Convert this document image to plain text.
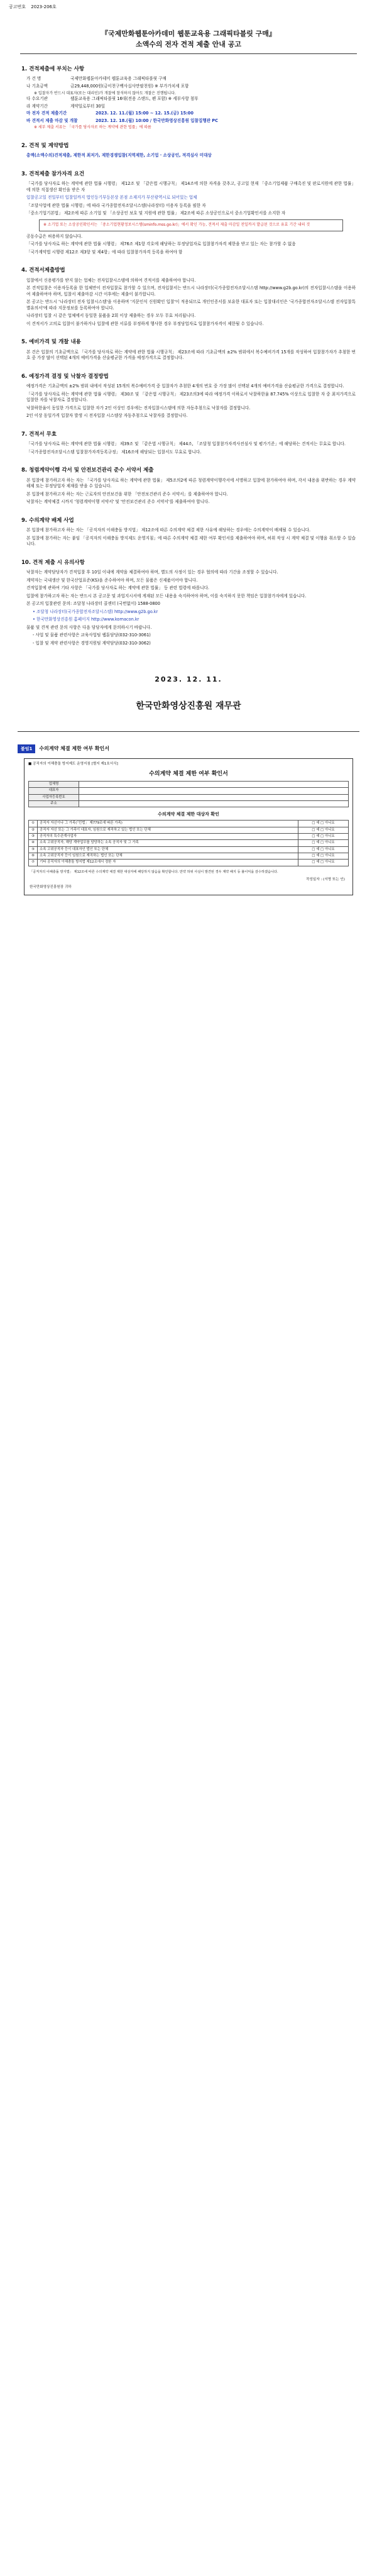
공고번호 2023-206호
『국제만화웹툰아카데미 웹툰교육용 그래픽타블릿 구매』
소액수의 전자 견적 제출 안내 공고
1. 견적제출에 부치는 사항
가 건 명	국제만화웹툰아카데미 웹툰교육용 그래픽타블릿 구매
나 기초금액	금29,448,000원(금이천구백사십사만팔천원) ※ 부가가치세 포함
※ 입찰자가 반드시 대표자(또는 대리인)가 개찰에 참석하지 않아도 개찰은 진행됩니다.
다 수요기관	웹툰교육용 그래픽타블릿 16대(전용 스탠드, 펜 포함) ※ 세부사항 첨부
라 계약기간	계약일로부터 30일
마 전자 견적 제출기간	2023. 12. 11.(월) 15:00 ~ 12. 15.(금) 15:00
바 견적서 제출 마감 및 개찰	2023. 12. 18.(월) 10:00 / 한국만화영상진흥원 입찰집행관 PC
※ 세부 제출 서류는 「국가를 당사자로 하는 계약에 관한 법률」에 따름
2. 견적 및 계약방법
총액(소액수의)견적제출, 제한적 최저가, 제한경쟁입찰(지역제한, 소기업 · 소상공인, 적격심사 미대상
3. 견적제출 참가자격 요건
「국가를 당사자로 하는 계약에 관한 법률 시행령」 제12조 및 「같은법 시행규칙」 제14조에 의한 자격을 갖추고, 공고일 현재 「중소기업제품 구매촉진 및 판로지원에 관한 법률」에 의한 직접생산 확인을 받은 자
입찰공고일 전일부터 입찰일까지 법인등기부등본상 본점 소재지가 부산광역시로 되어있는 업체
「조달사업에 관한 법률 시행령」에 따라 국가종합전자조달시스템(나라장터) 이용자 등록을 필한 자
「중소기업기본법」 제2조에 따른 소기업 및 「소상공인 보호 및 지원에 관한 법률」 제2조에 따른 소상공인으로서 중소기업확인서를 소지한 자
※ 소기업 또는 소상공인확인서는 「중소기업현황정보시스템(sminfo.mss.go.kr)」에서 확인 가능, 견적서 제출 마감일 전일까지 발급된 것으로 유효 기간 내의 것
공동수급은 허용하지 않습니다.
「국가를 당사자로 하는 계약에 관한 법률 시행령」 제76조 제1항 각호에 해당하는 부정당업자로 입찰참가자격 제한을 받고 있는 자는 참가할 수 없음
「국가계약법 시행령 제12조 제3항 및 제4항」에 따라 입찰참가자격 등록을 하여야 함
4. 견적서제출방법
입찰에서 신용평가를 받지 않는 업체는 전자입찰시스템에 의하여 견적서를 제출하여야 합니다.
본 견적입찰은 이용자등록을 한 업체만이 전자입찰로 참가할 수 있으며, 전자입찰서는 반드시 나라장터(국가종합전자조달시스템 http://www.g2b.go.kr)의 전자입찰시스템을 이용하여 제출하여야 하며, 입찰서 제출마감 시간 이후에는 제출이 불가합니다.
본 공고는 반드시 '나라장터 전자 입찰시스템'을 이용하며 '지문인식 신원확인 입찰'이 적용되므로 개인인증서를 보유한 대표자 또는 입찰대리인은 '국가종합전자조달시스템 전자입찰특별유의서'에 따라 지문정보를 등록하여야 합니다.
나라장터 입찰 시 같은 업체에서 동일한 물품을 2회 이상 제출하는 경우 모두 무효 처리됩니다.
이 견적서가 고의로 입찰이 불가하거나 입찰에 관한 서류를 부정하게 행사한 경우 부정당업자로 입찰참가자격이 제한될 수 있습니다.
5. 예비가격 및 개찰 내용
본 건은 입찰의 기초금액으로 「국가를 당사자로 하는 계약에 관한 법률 시행규칙」 제23조에 따라 기초금액의 ±2% 범위에서 복수예비가격 15개를 작성하여 입찰참가자가 추첨한 번호 중 가장 많이 선택된 4개의 예비가격을 산술평균한 가격을 예정가격으로 결정합니다.
6. 예정가격 결정 및 낙찰자 결정방법
예정가격은 기초금액의 ±2% 범위 내에서 작성된 15개의 복수예비가격 중 입찰자가 추첨한 4개의 번호 중 가장 많이 선택된 4개의 예비가격을 산술평균한 가격으로 결정합니다.
「국가를 당사자로 하는 계약에 관한 법률 시행령」 제30조 및 「같은법 시행규칙」 제23조의3에 따라 예정가격 이하로서 낙찰하한율 87.745% 이상으로 입찰한 자 중 최저가격으로 입찰한 자를 낙찰자로 결정합니다.
낙찰하한율이 동일한 가격으로 입찰한 자가 2인 이상인 경우에는 전자입찰시스템에 의한 자동추첨으로 낙찰자를 결정합니다.
2인 이상 동일가격 입찰자 발생 시 전자입찰 시스템상 자동추첨으로 낙찰자를 결정합니다.
7. 견적서 무효
「국가를 당사자로 하는 계약에 관한 법률 시행령」 제39조 및 「같은법 시행규칙」 제44조, 「조달청 입찰참가자격사전심사 및 평가기준」에 해당하는 견적서는 무효로 합니다.
「국가종합전자조달시스템 입찰참가자격등록규정」 제16조에 해당되는 입찰서도 무효로 합니다.
8. 청렴계약이행 각서 및 안전보건관리 준수 서약서 제출
본 입찰에 참가하고자 하는 자는 「국가를 당사자로 하는 계약에 관한 법률」 제5조의2에 따른 청렴계약이행각서에 서명하고 입찰에 참가하여야 하며, 각서 내용을 위반하는 경우 계약해제 또는 부정당업자 제재를 받을 수 있습니다.
본 입찰에 참가하고자 하는 자는 근로자의 안전보건을 위한 「안전보건관리 준수 서약서」를 제출하여야 합니다.
낙찰자는 계약체결 시까지 '청렴계약이행 서약서' 및 '안전보건관리 준수 서약서'를 제출하여야 합니다.
9. 수의계약 배제 사업
본 입찰에 참가하고자 하는 자는 「공직자의 이해충돌 방지법」 제12조에 따른 수의계약 체결 제한 사유에 해당하는 경우에는 수의계약이 배제될 수 있습니다.
본 입찰에 참가하는 자는 붙임 「공직자의 이해충돌 방지제도 운영지침」에 따른 수의계약 체결 제한 여부 확인서를 제출하여야 하며, 허위 작성 시 계약 체결 및 이행을 취소할 수 있습니다.
10. 견적 제출 시 유의사항
낙찰자는 계약담당자가 견적입찰 후 10일 이내에 계약을 체결하여야 하며, 별도의 사정이 있는 경우 협의에 따라 기간을 조정할 수 있습니다.
계약자는 국내생산 및 한국산업표준(KS)을 준수하여야 하며, 모든 물품은 신제품이어야 합니다.
견적입찰에 관하여 기타 사항은 「국가를 당사자로 하는 계약에 관한 법률」 등 관련 법령에 따릅니다.
입찰에 참가하고자 하는 자는 반드시 본 공고문 및 과업지시서에 게재된 모든 내용을 숙지하여야 하며, 이를 숙지하지 못한 책임은 입찰참가자에게 있습니다.
본 공고의 입찰관련 문의: 조달청 나라장터 콜센터 (국번없이) 1588-0800
• 조달청 나라장터(국가종합전자조달시스템) http://www.g2b.go.kr
• 한국만화영상진흥원 홈페이지 http://www.komacon.kr
물품 및 견적 관련 문의 사항은 다음 담당자에게 문의하시기 바랍니다.
- 사업 및 물품 관련사항은 교육사업팀 웹툰담당(032-310-3061)
- 입찰 및 계약 관련사항은 경영지원팀 계약담당(032-310-3062)
2023. 12. 11.
한국만화영상진흥원 재무관
붙임1	수의계약 체결 제한 여부 확인서
■ 공직자의 이해충돌 방지제도 운영지침 [별지 제1호서식]
수의계약 체결 제한 여부 확인서
업체명	
대표자	
사업자등록번호	
주소	
수의계약 체결 제한 대상자 확인
①	공직자 자신이나 그 가족(「민법」 제779조에 따른 가족)	□ 예 □ 아니요
②	공직자 자신 또는 그 가족이 대표자, 임원으로 재직하고 있는 법인 또는 단체	□ 예 □ 아니요
③	공직자의 특수관계사업자	□ 예 □ 아니요
④	소속 고위공직자, 해당 계약업무를 담당하는 소속 공직자 및 그 가족	□ 예 □ 아니요
⑤	소속 고위공직자 등이 대표자인 법인 또는 단체	□ 예 □ 아니요
⑥	소속 고위공직자 등이 임원으로 재직하는 법인 또는 단체	□ 예 □ 아니요
⑦	기타 공직자의 이해충돌 방지법 제12조에서 정한 자	□ 예 □ 아니요
「공직자의 이해충돌 방지법」 제12조에 따른 수의계약 체결 제한 대상자에 해당하지 않음을 확인합니다. 만약 허위 사실이 발견된 경우 계약 해지 등 불이익을 감수하겠습니다.
작성일자 : (서명 또는 인)
한국만화영상진흥원장 귀하
